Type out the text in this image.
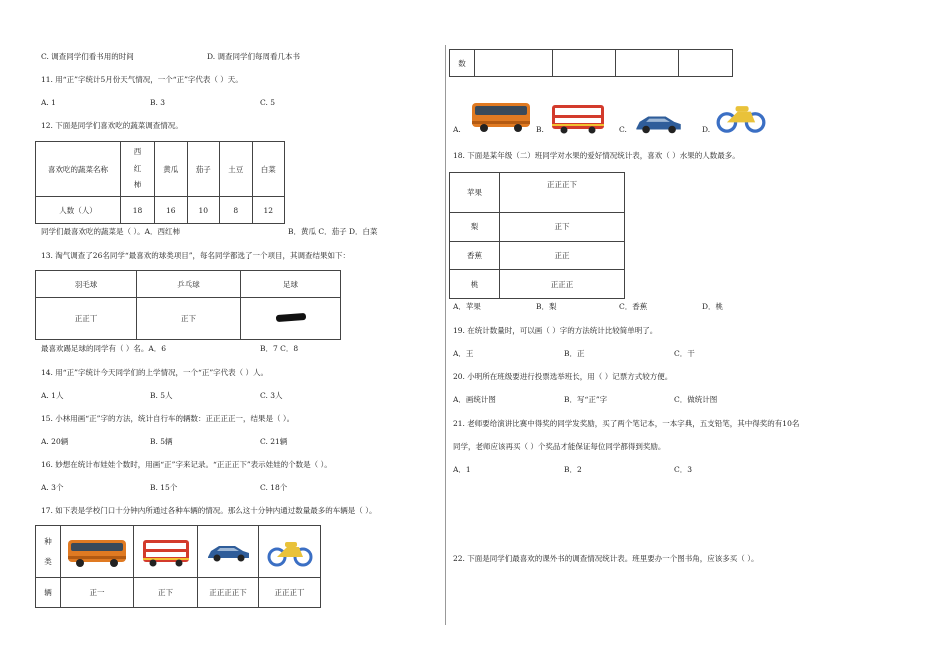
C. 调查同学们看书用的时间	D. 调查同学们每周看几本书
11. 用“正”字统计5月份天气情况，一个“正”字代表（ ）天。
A. 1	B. 3	C. 5
12. 下面是同学们喜欢吃的蔬菜调查情况。
喜欢吃的蔬菜名称	西红柿	黄瓜	茄子	土豆	白菜
人数（人）	18	16	10	8	12
同学们最喜欢吃的蔬菜是（ ）。A．西红柿	B．黄瓜 C．茄子 D．白菜
13. 淘气调查了26名同学“最喜欢的球类项目”，每名同学都选了一个项目，其调查结果如下：
羽毛球	乒乓球	足球
正正丅	正下	
最喜欢踢足球的同学有（ ）名。A．6	B．7 C．8
14. 用“正”字统计今天同学们的上学情况，一个“正”字代表（ ）人。
A. 1人	B. 5人	C. 3人
15. 小林用画“正”字的方法，统计自行车的辆数：正正正正一，结果是（ ）。
A. 20辆	B. 5辆	C. 21辆
16. 妙想在统计布娃娃个数时，用画“正”字来记录。“正正正下”表示娃娃的个数是（ ）。
A. 3个	B. 15个	C. 18个
17. 如下表是学校门口十分钟内所通过各种车辆的情况。那么这十分钟内通过数量最多的车辆是（ ）。
种类	

辆	正一	正下	正正正正下	正正正丅
数				
A.	B.	C.	D.
18. 下面是某年级（二）班同学对水果的爱好情况统计表，喜欢（ ）水果的人数最多。
苹果	正正正下
梨	正下
香蕉	正正
桃	正正正
A．苹果	B．梨	C．香蕉	D．桃
19. 在统计数量时，可以画（ ）字的方法统计比较简单明了。
A．王	B．正	C．干
20. 小明所在班级要进行投票选举班长，用（ ）记票方式较方便。
A．画统计图	B．写“正”字	C．做统计图
21. 老师要给演讲比赛中得奖的同学发奖励，买了两个笔记本，一本字典，五支铅笔，其中得奖的有10名
同学，老师应该再买（ ）个奖品才能保证每位同学都得到奖励。
A．1	B．2	C．3
22. 下面是同学们最喜欢的课外书的调查情况统计表。班里要办一个图书角，应该多买（ ）。
